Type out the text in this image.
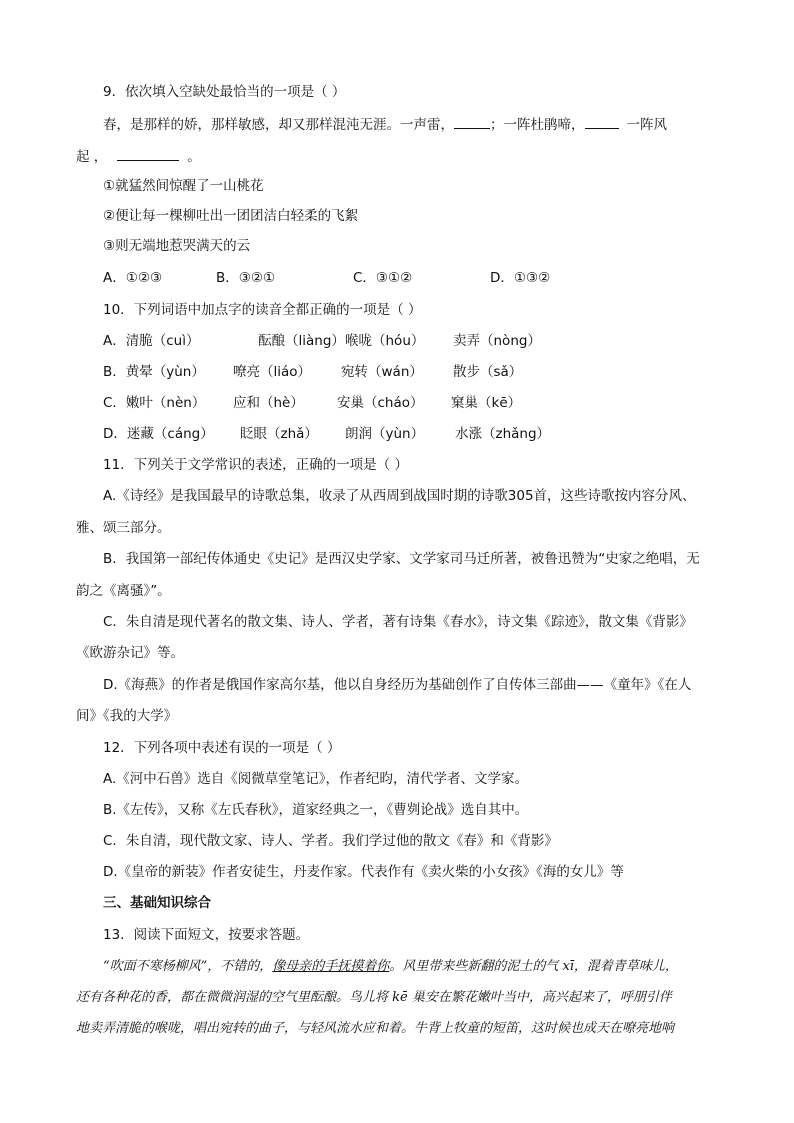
9．依次填入空缺处最恰当的一项是（ ）
春，是那样的娇，那样敏感，却又那样混沌无涯。一声雷，	；一阵杜鹃啼，	一阵风
起 ，	。
①就猛然间惊醒了一山桃花
②便让每一棵柳吐出一团团洁白轻柔的飞絮
③则无端地惹哭满天的云
A．①②③	B．③②①	C．③①②	D．①③②
10．下列词语中加点字的读音全都正确的一项是（ ）
A．清脆（cuì）	酝酿（liàng） 喉咙（hóu） 卖弄（nòng）
B．黄晕（yùn） 嘹亮（liáo） 宛转（wán） 散步（sǎ）
C．嫩叶（nèn） 应和（hè） 安巢（cháo） 窠巢（kē）
D．迷藏（cáng） 眨眼（zhǎ） 朗润（yùn） 水涨（zhǎng）
11．下列关于文学常识的表述，正确的一项是（ ）
A.《诗经》是我国最早的诗歌总集，收录了从西周到战国时期的诗歌305首，这些诗歌按内容分风、
雅、颂三部分。
B．我国第一部纪传体通史《史记》是西汉史学家、文学家司马迁所著，被鲁迅赞为“史家之绝唱，无
韵之《离骚》”。
C．朱自清是现代著名的散文集、诗人、学者，著有诗集《春水》，诗文集《踪迹》，散文集《背影》
《欧游杂记》等。
D.《海燕》的作者是俄国作家高尔基，他以自身经历为基础创作了自传体三部曲——《童年》《在人
间》《我的大学》
12．下列各项中表述有误的一项是（ ）
A.《河中石兽》选自《阅微草堂笔记》，作者纪昀，清代学者、文学家。
B.《左传》，又称《左氏春秋》，道家经典之一，《曹刿论战》选自其中。
C．朱自清，现代散文家、诗人、学者。我们学过他的散文《春》和《背影》
D.《皇帝的新装》作者安徒生，丹麦作家。代表作有《卖火柴的小女孩》《海的女儿》等
三、基础知识综合
13．阅读下面短文，按要求答题。
“吹面不寒杨柳风”，不错的，像母亲的手抚摸着你。风里带来些新翻的泥土的气 xī，混着青草味儿，
还有各种花的香，都在微微润湿的空气里酝酿。鸟儿将 kē 巢安在繁花嫩叶当中，高兴起来了，呼朋引伴
地卖弄清脆的喉咙，唱出宛转的曲子，与轻风流水应和着。牛背上牧童的短笛，这时候也成天在嘹亮地响
